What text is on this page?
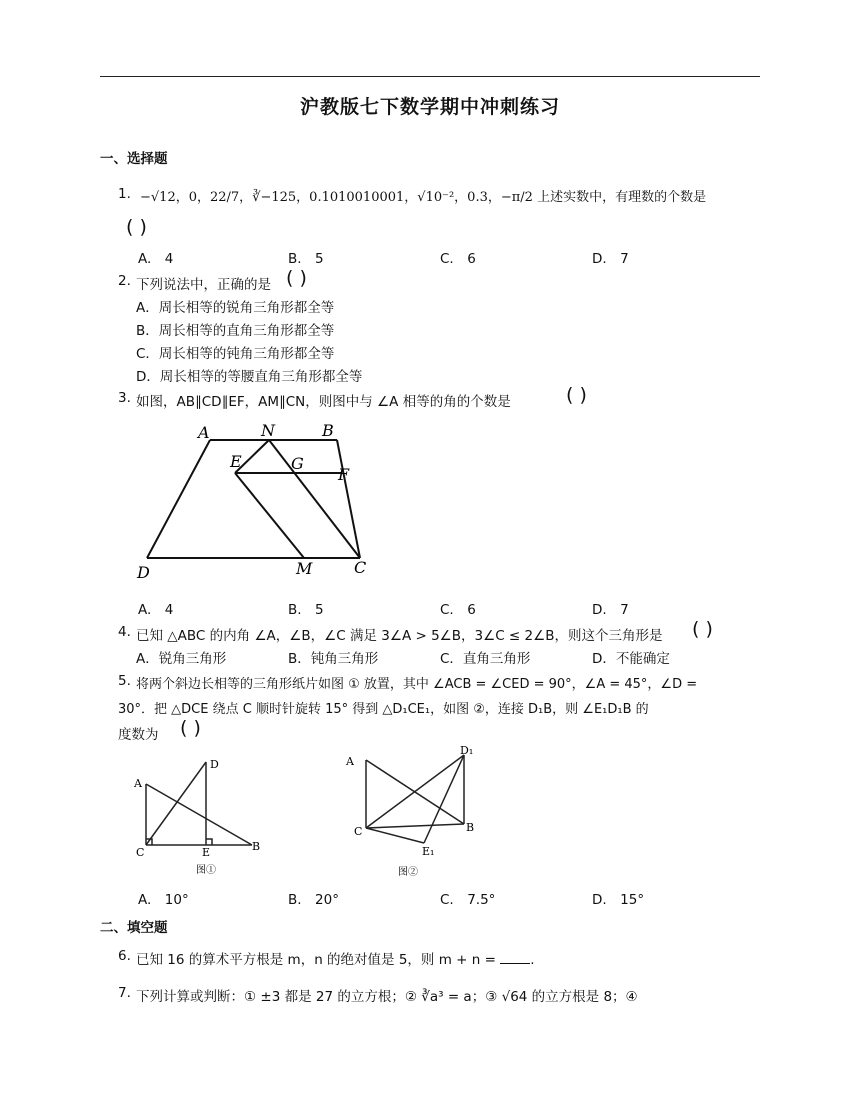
沪教版七下数学期中冲刺练习
一、选择题
1. −√12，0，22/7，∛−125，0.1010010001，√10⁻²，0.3，−π/2 上述实数中，有理数的个数是
( )
A.　4	B.　5	C.　6	D.　7
2. 下列说法中，正确的是 ( )
A．周长相等的锐角三角形都全等
B．周长相等的直角三角形都全等
C．周长相等的钝角三角形都全等
D．周长相等的等腰直角三角形都全等
3. 如图，AB∥CD∥EF，AM∥CN，则图中与 ∠A 相等的角的个数是	( )
A	N	B
E	G
F
D	M	C
A.　4	B.　5	C.　6	D.　7
4. 已知 △ABC 的内角 ∠A，∠B，∠C 满足 3∠A > 5∠B，3∠C ≤ 2∠B，则这个三角形是 ( )
A．锐角三角形	B．钝角三角形	C．直角三角形	D．不能确定
5. 将两个斜边长相等的三角形纸片如图 ① 放置，其中 ∠ACB = ∠CED = 90°，∠A = 45°，∠D =
30°．把 △DCE 绕点 C 顺时针旋转 15° 得到 △D₁CE₁，如图 ②，连接 D₁B，则 ∠E₁D₁B 的
度数为 ( )
A
D
C	E	B
图①
A
D₁
C	B
E₁
图②
A.　10°	B.　20°	C.　7.5°	D.　15°
二、填空题
6. 已知 16 的算术平方根是 m，n 的绝对值是 5，则 m + n =	.
7. 下列计算或判断：① ±3 都是 27 的立方根；② ∛a³ = a；③ √64 的立方根是 8；④
